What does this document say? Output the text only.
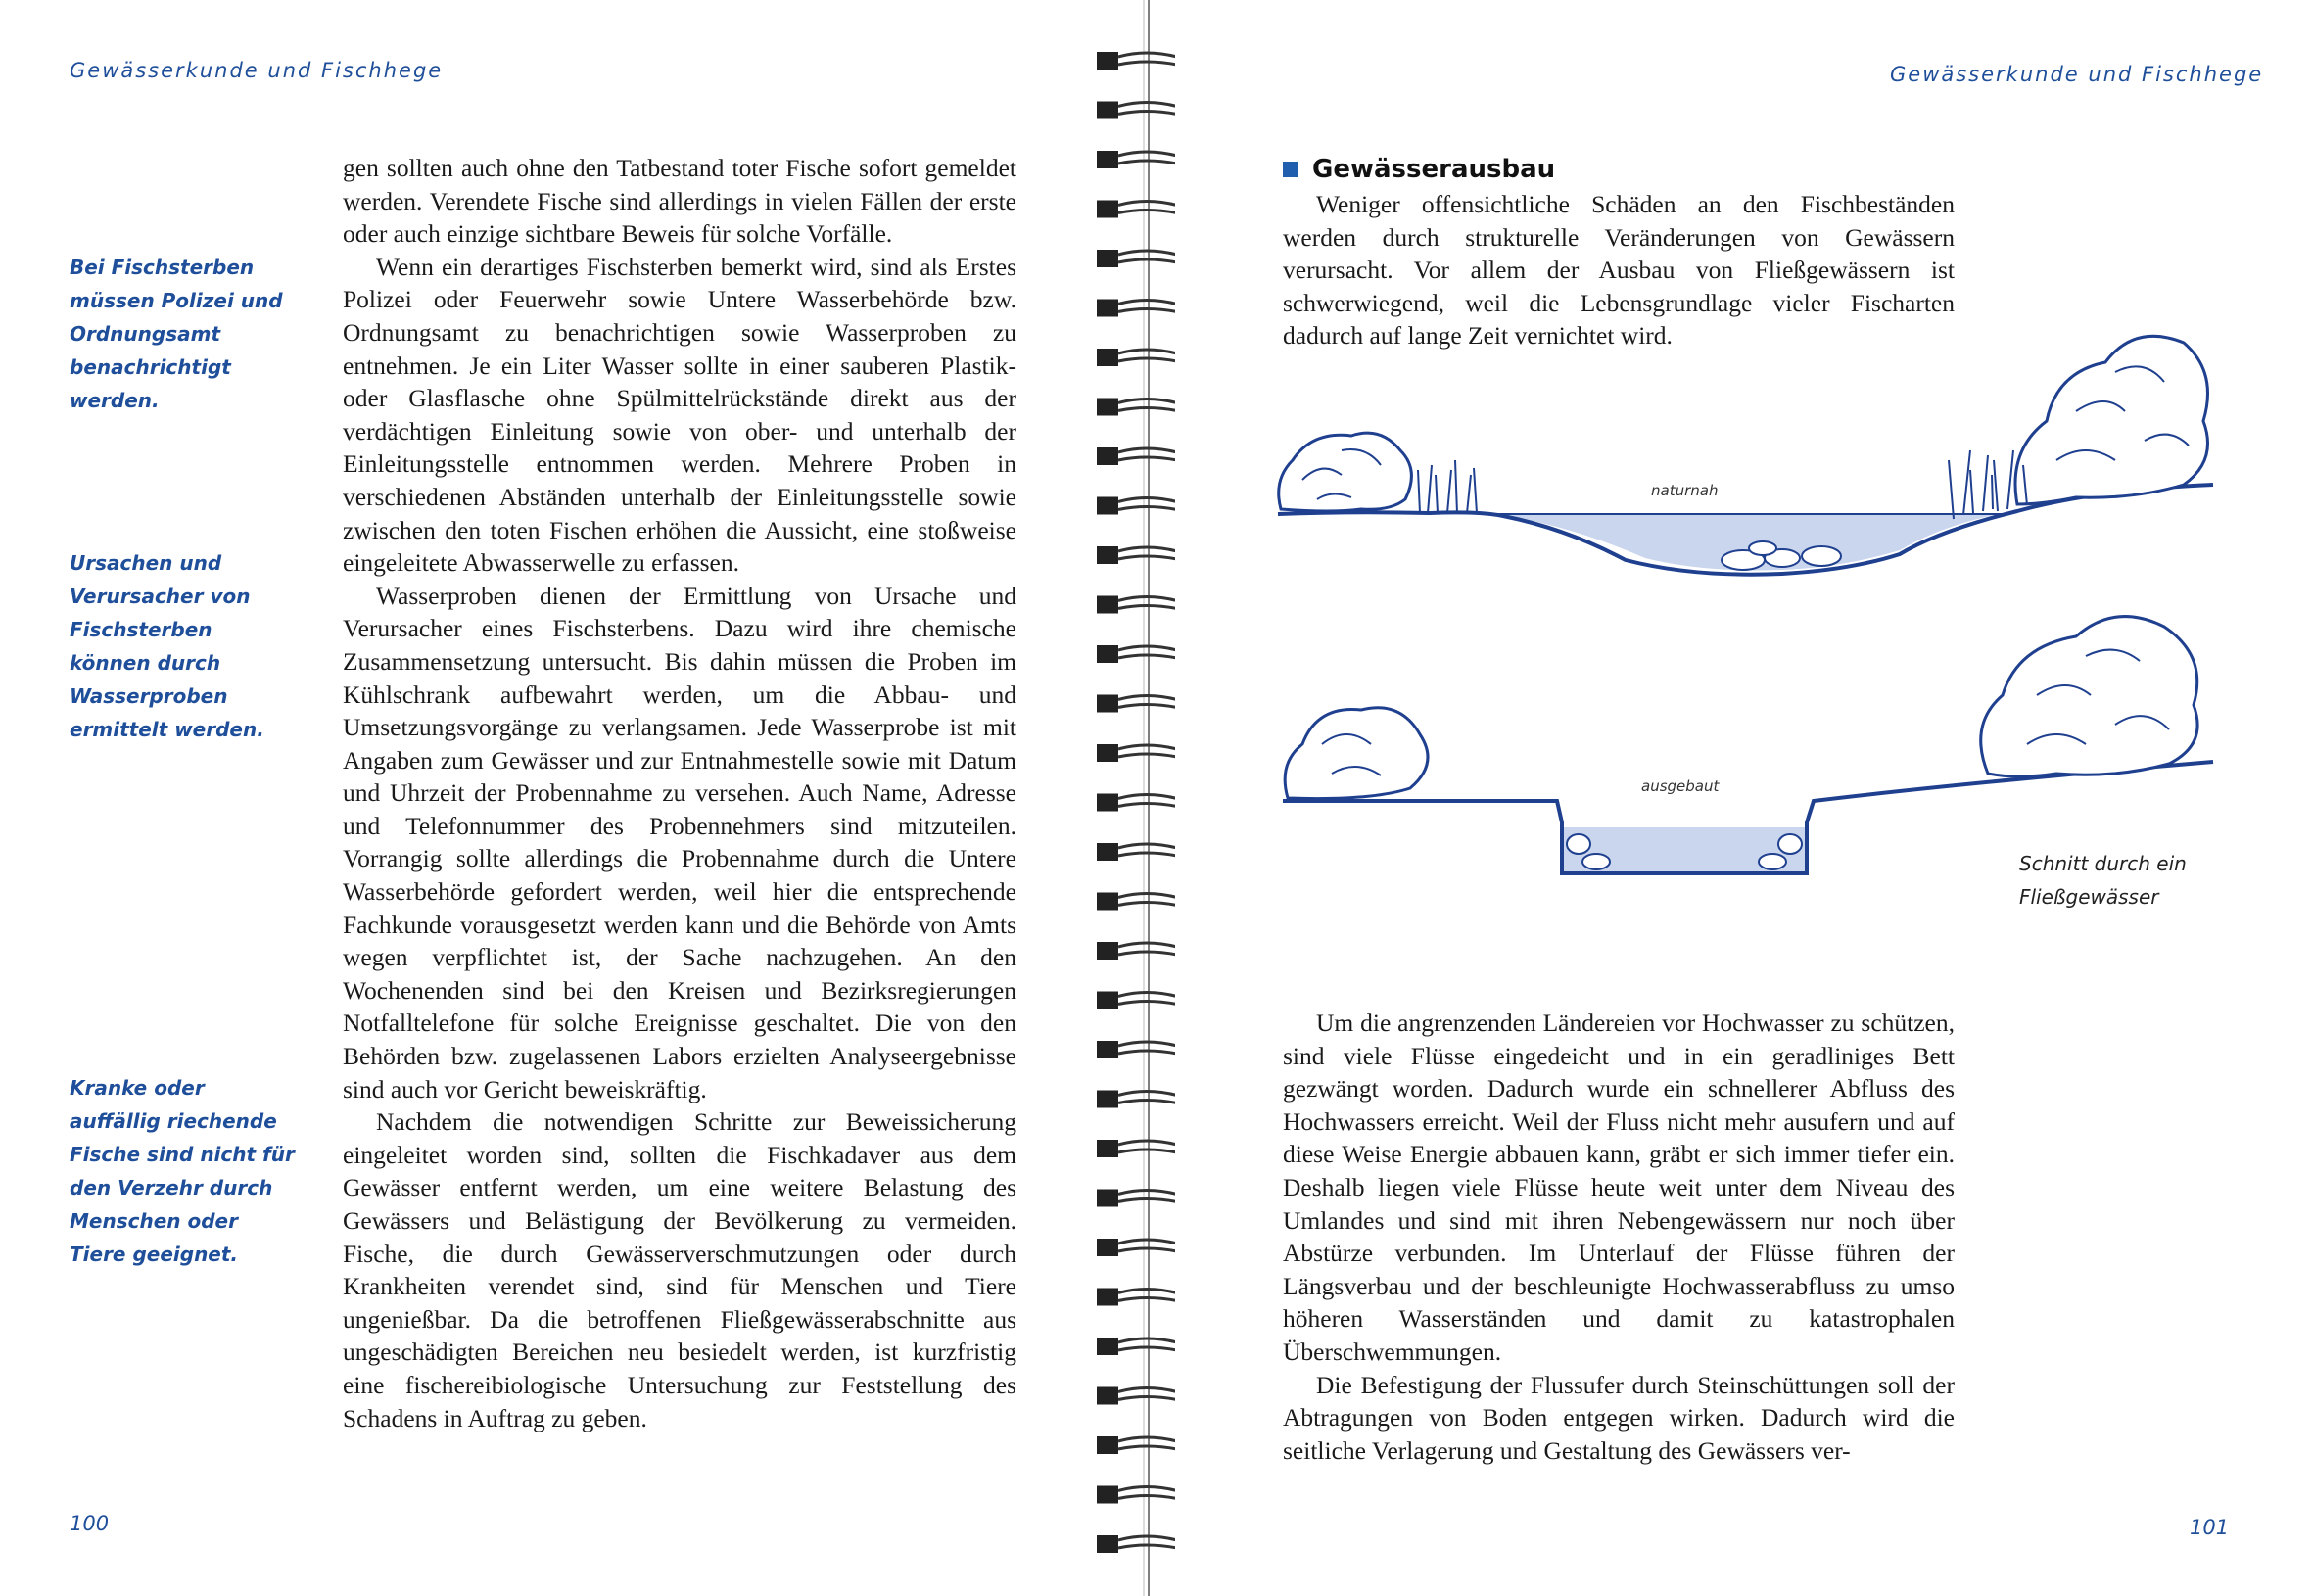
Gewässerkunde und Fischhege
Bei Fischsterben müssen Polizei und Ordnungsamt benachrichtigt werden.
Ursachen und Verursacher von Fischsterben können durch Wasserproben ermittelt werden.
Kranke oder auffällig riechende Fische sind nicht für den Verzehr durch Menschen oder Tiere geeignet.

gen sollten auch ohne den Tatbestand toter Fische sofort gemeldet werden. Verendete Fische sind allerdings in vielen Fällen der erste oder auch einzige sichtbare Beweis für solche Vorfälle.

Wenn ein derartiges Fischsterben bemerkt wird, sind als Erstes Polizei oder Feuerwehr sowie Untere Wasserbehörde bzw. Ordnungsamt zu benachrichtigen sowie Wasserproben zu entnehmen. Je ein Liter Wasser sollte in einer sauberen Plastik- oder Glasflasche ohne Spülmittelrückstände direkt aus der verdächtigen Einleitung sowie von ober- und unterhalb der Einleitungsstelle entnommen werden. Mehrere Proben in verschiedenen Abständen unterhalb der Einleitungsstelle sowie zwischen den toten Fischen erhöhen die Aussicht, eine stoßweise eingeleitete Abwasserwelle zu erfassen.

Wasserproben dienen der Ermittlung von Ursache und Verursacher eines Fischsterbens. Dazu wird ihre chemische Zusammensetzung untersucht. Bis dahin müssen die Proben im Kühlschrank aufbewahrt werden, um die Abbau- und Umsetzungsvorgänge zu verlangsamen. Jede Wasserprobe ist mit Angaben zum Gewässer und zur Entnahmestelle sowie mit Datum und Uhrzeit der Probennahme zu versehen. Auch Name, Adresse und Telefonnummer des Probennehmers sind mitzuteilen. Vorrangig sollte allerdings die Probennahme durch die Untere Wasserbehörde gefordert werden, weil hier die entsprechende Fachkunde vorausgesetzt werden kann und die Behörde von Amts wegen verpflichtet ist, der Sache nachzugehen. An den Wochenenden sind bei den Kreisen und Bezirksregierungen Notfalltelefone für solche Ereignisse geschaltet. Die von den Behörden bzw. zugelassenen Labors erzielten Analyseergebnisse sind auch vor Gericht beweiskräftig.

Nachdem die notwendigen Schritte zur Beweissicherung eingeleitet worden sind, sollten die Fischkadaver aus dem Gewässer entfernt werden, um eine weitere Belastung des Gewässers und Belästigung der Bevölkerung zu vermeiden. Fische, die durch Gewässerverschmutzungen oder durch Krankheiten verendet sind, sind für Menschen und Tiere ungenießbar. Da die betroffenen Fließgewässerabschnitte aus ungeschädigten Bereichen neu besiedelt werden, ist kurzfristig eine fischereibiologische Untersuchung zur Feststellung des Schadens in Auftrag zu geben.

100
Gewässerkunde und Fischhege
101
Gewässerausbau

Weniger offensichtliche Schäden an den Fischbeständen werden durch strukturelle Veränderungen von Gewässern verursacht. Vor allem der Ausbau von Fließgewässern ist schwerwiegend, weil die Lebensgrundlage vieler Fischarten dadurch auf lange Zeit vernichtet wird.

naturnah
ausgebaut
Schnitt durch ein Fließgewässer

Um die angrenzenden Ländereien vor Hochwasser zu schützen, sind viele Flüsse eingedeicht und in ein geradliniges Bett gezwängt worden. Dadurch wurde ein schnellerer Abfluss des Hochwassers erreicht. Weil der Fluss nicht mehr ausufern und auf diese Weise Energie abbauen kann, gräbt er sich immer tiefer ein. Deshalb liegen viele Flüsse heute weit unter dem Niveau des Umlandes und sind mit ihren Nebengewässern nur noch über Abstürze verbunden. Im Unterlauf der Flüsse führen der Längsverbau und der beschleunigte Hochwasserabfluss zu umso höheren Wasserständen und damit zu katastrophalen Überschwemmungen.

Die Befestigung der Flussufer durch Steinschüttungen soll der Abtragungen von Boden entgegen wirken. Dadurch wird die seitliche Verlagerung und Gestaltung des Gewässers ver-
